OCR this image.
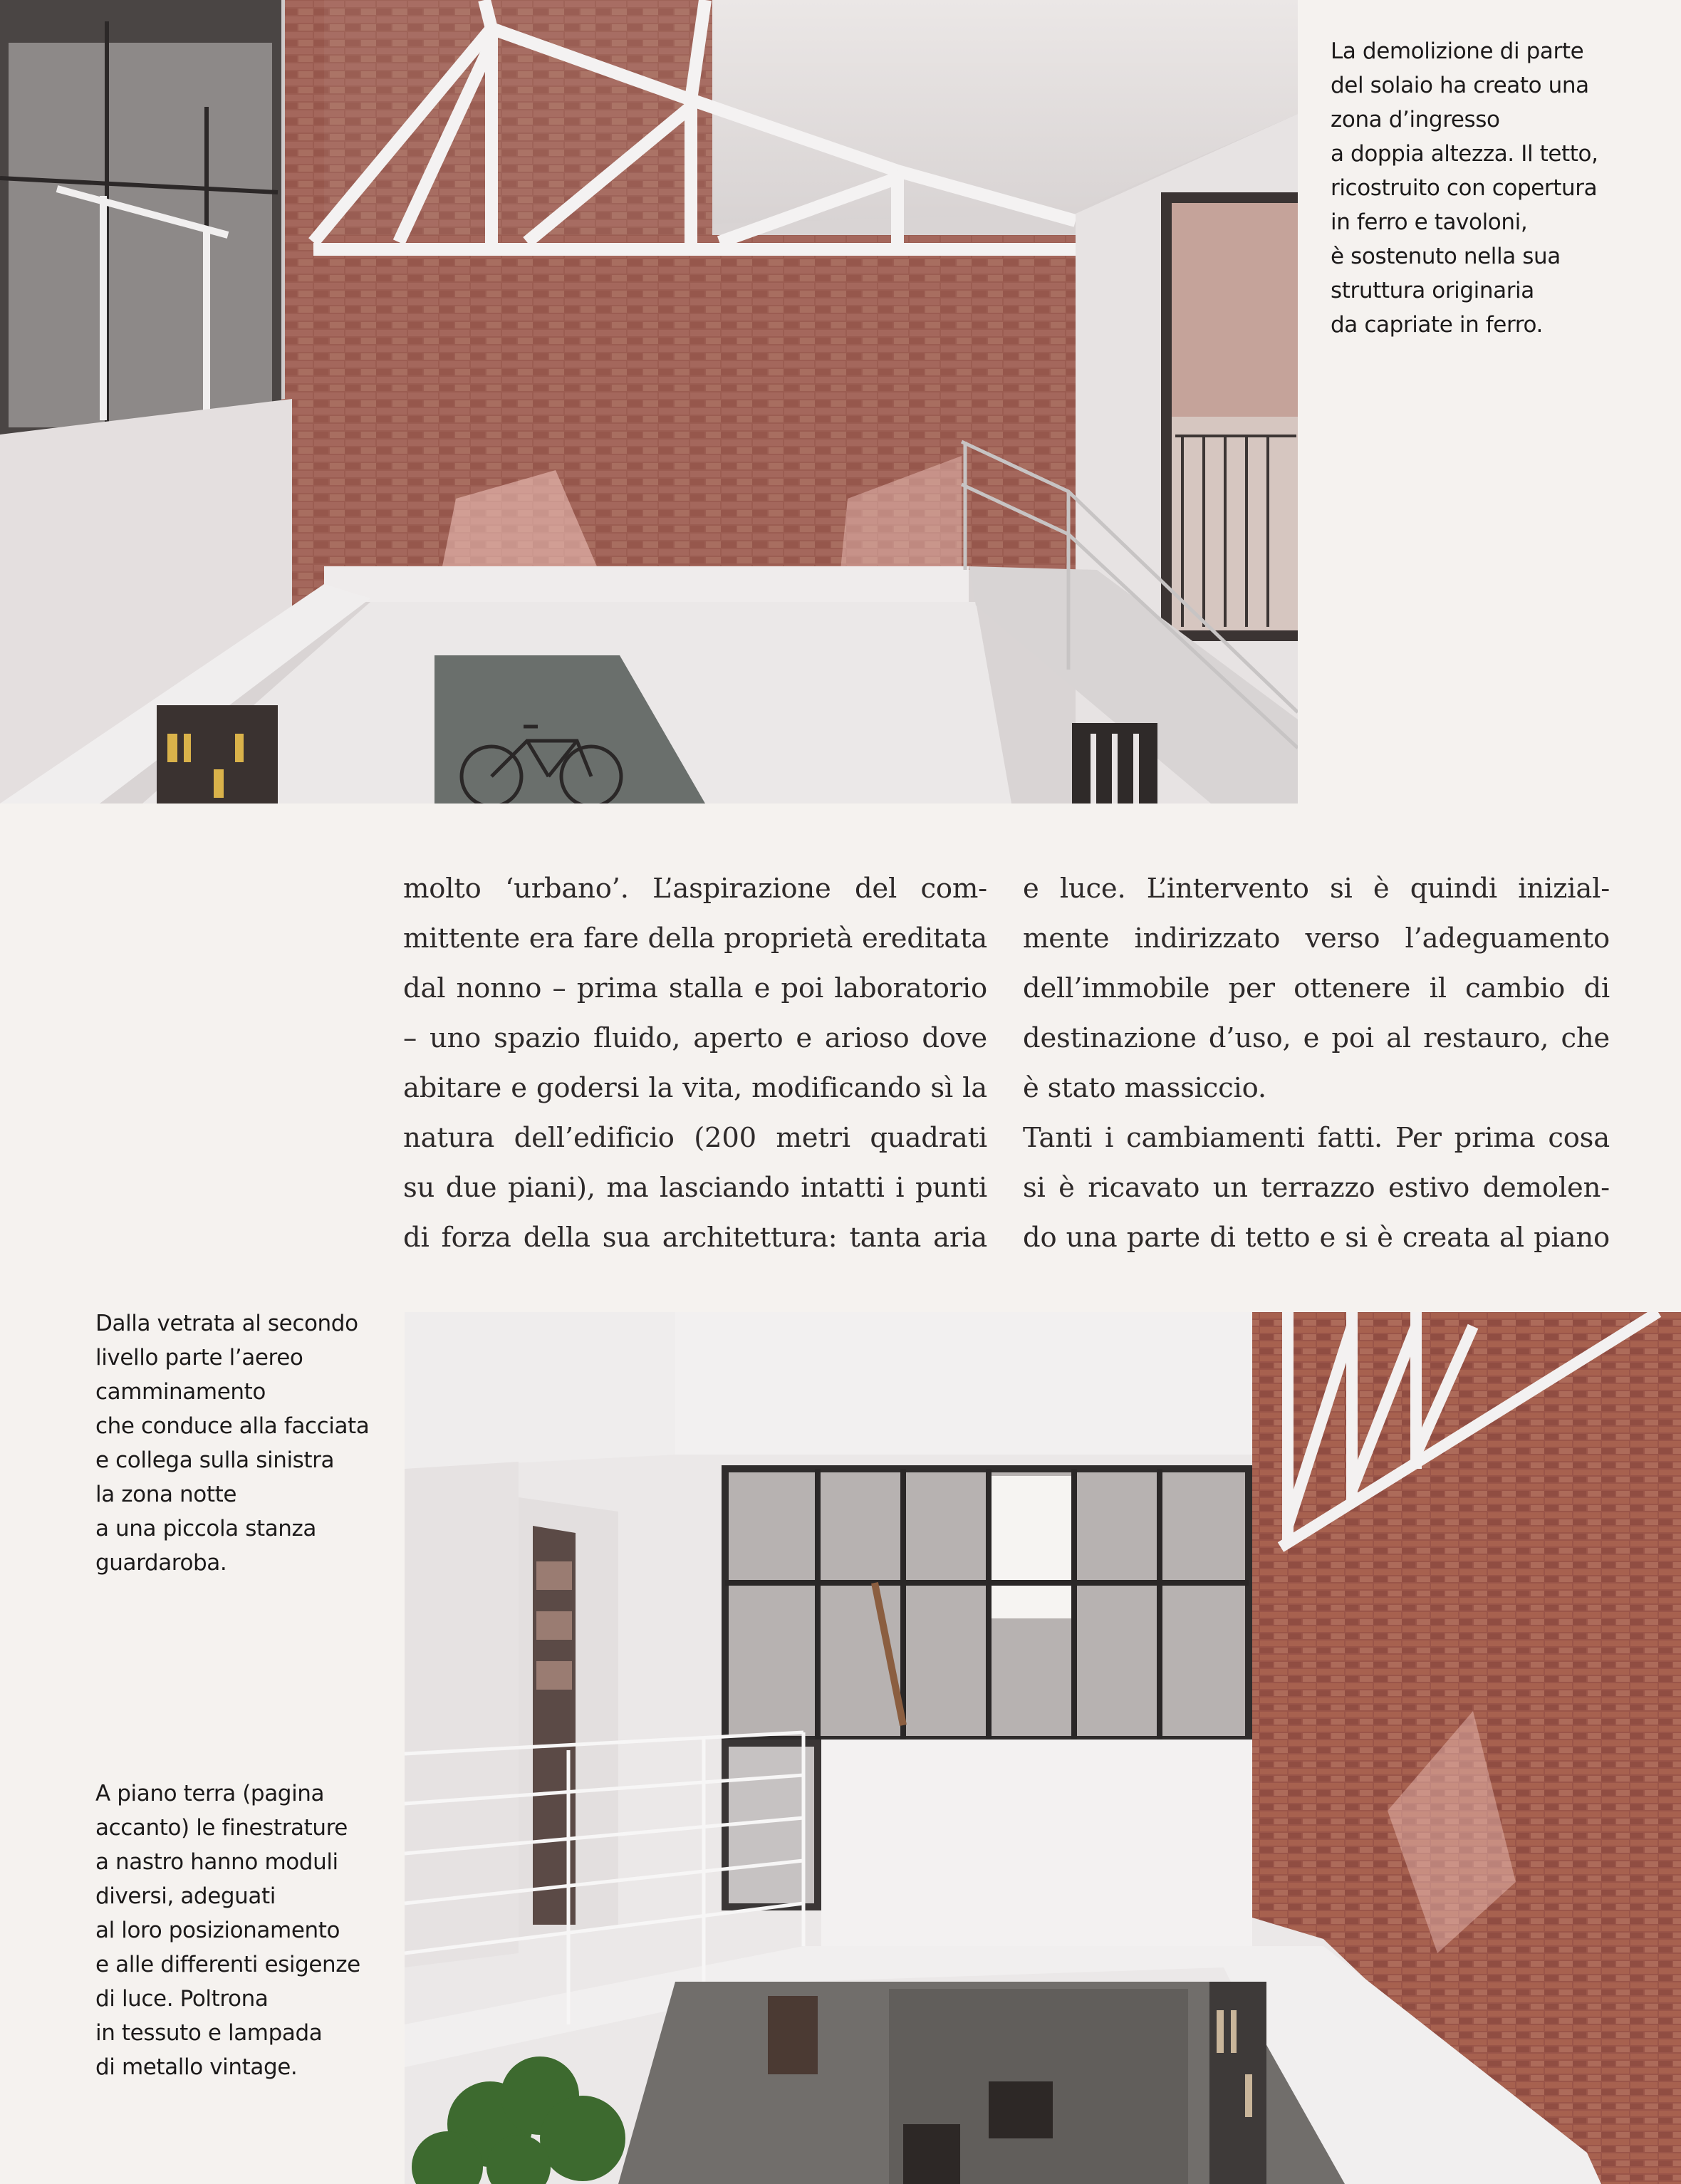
La demolizione di parte
del solaio ha creato una
zona d’ingresso
a doppia altezza. Il tetto,
ricostruito con copertura
in ferro e tavoloni,
è sostenuto nella sua
struttura originaria
da capriate in ferro.
molto ‘urbano’. L’aspirazione del com-
mittente era fare della proprietà ereditata
dal nonno – prima stalla e poi laboratorio
– uno spazio fluido, aperto e arioso dove
abitare e godersi la vita, modificando sì la
natura dell’edificio (200 metri quadrati
su due piani), ma lasciando intatti i punti
di forza della sua architettura: tanta aria
e luce. L’intervento si è quindi inizial-
mente indirizzato verso l’adeguamento
dell’immobile per ottenere il cambio di
destinazione d’uso, e poi al restauro, che
è stato massiccio.
Tanti i cambiamenti fatti. Per prima cosa
si è ricavato un terrazzo estivo demolen-
do una parte di tetto e si è creata al piano
Dalla vetrata al secondo
livello parte l’aereo
camminamento
che conduce alla facciata
e collega sulla sinistra
la zona notte
a una piccola stanza
guardaroba.
A piano terra (pagina
accanto) le finestrature
a nastro hanno moduli
diversi, adeguati
al loro posizionamento
e alle differenti esigenze
di luce. Poltrona
in tessuto e lampada
di metallo vintage.
